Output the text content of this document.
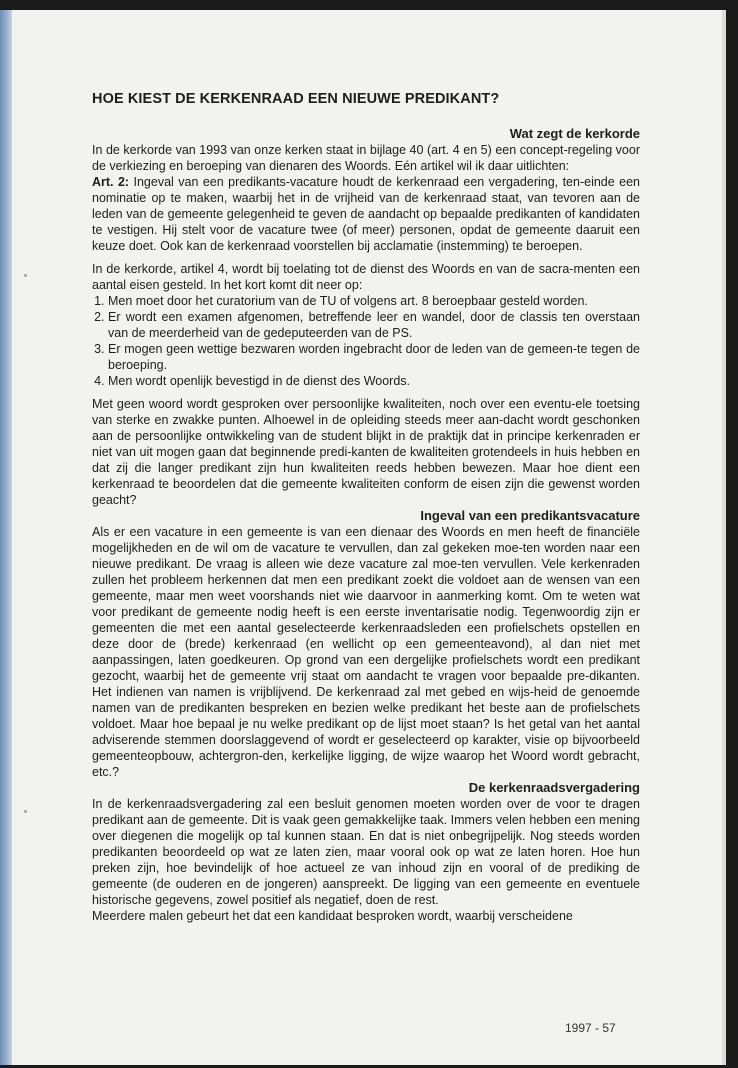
HOE KIEST DE KERKENRAAD EEN NIEUWE PREDIKANT?

Wat zegt de kerkorde

In de kerkorde van 1993 van onze kerken staat in bijlage 40 (art. 4 en 5) een concept-regeling voor de verkiezing en beroeping van dienaren des Woords. Eén artikel wil ik daar uitlichten:

Art. 2: Ingeval van een predikants-vacature houdt de kerkenraad een vergadering, ten-einde een nominatie op te maken, waarbij het in de vrijheid van de kerkenraad staat, van tevoren aan de leden van de gemeente gelegenheid te geven de aandacht op bepaalde predikanten of kandidaten te vestigen. Hij stelt voor de vacature twee (of meer) personen, opdat de gemeente daaruit een keuze doet. Ook kan de kerkenraad voorstellen bij acclamatie (instemming) te beroepen.

In de kerkorde, artikel 4, wordt bij toelating tot de dienst des Woords en van de sacra-menten een aantal eisen gesteld. In het kort komt dit neer op:

1. Men moet door het curatorium van de TU of volgens art. 8 beroepbaar gesteld worden.
2. Er wordt een examen afgenomen, betreffende leer en wandel, door de classis ten overstaan van de meerderheid van de gedeputeerden van de PS.
3. Er mogen geen wettige bezwaren worden ingebracht door de leden van de gemeen-te tegen de beroeping.
4. Men wordt openlijk bevestigd in de dienst des Woords.

Met geen woord wordt gesproken over persoonlijke kwaliteiten, noch over een eventu-ele toetsing van sterke en zwakke punten. Alhoewel in de opleiding steeds meer aan-dacht wordt geschonken aan de persoonlijke ontwikkeling van de student blijkt in de praktijk dat in principe kerkenraden er niet van uit mogen gaan dat beginnende predi-kanten de kwaliteiten grotendeels in huis hebben en dat zij die langer predikant zijn hun kwaliteiten reeds hebben bewezen. Maar hoe dient een kerkenraad te beoordelen dat die gemeente kwaliteiten conform de eisen zijn die gewenst worden geacht?

Ingeval van een predikantsvacature

Als er een vacature in een gemeente is van een dienaar des Woords en men heeft de financiële mogelijkheden en de wil om de vacature te vervullen, dan zal gekeken moe-ten worden naar een nieuwe predikant. De vraag is alleen wie deze vacature zal moe-ten vervullen. Vele kerkenraden zullen het probleem herkennen dat men een predikant zoekt die voldoet aan de wensen van een gemeente, maar men weet voorshands niet wie daarvoor in aanmerking komt. Om te weten wat voor predikant de gemeente nodig heeft is een eerste inventarisatie nodig. Tegenwoordig zijn er gemeenten die met een aantal geselecteerde kerkenraadsleden een profielschets opstellen en deze door de (brede) kerkenraad (en wellicht op een gemeenteavond), al dan niet met aanpassingen, laten goedkeuren. Op grond van een dergelijke profielschets wordt een predikant gezocht, waarbij het de gemeente vrij staat om aandacht te vragen voor bepaalde pre-dikanten. Het indienen van namen is vrijblijvend. De kerkenraad zal met gebed en wijs-heid de genoemde namen van de predikanten bespreken en bezien welke predikant het beste aan de profielschets voldoet. Maar hoe bepaal je nu welke predikant op de lijst moet staan? Is het getal van het aantal adviserende stemmen doorslaggevend of wordt er geselecteerd op karakter, visie op bijvoorbeeld gemeenteopbouw, achtergron-den, kerkelijke ligging, de wijze waarop het Woord wordt gebracht, etc.?

De kerkenraadsvergadering

In de kerkenraadsvergadering zal een besluit genomen moeten worden over de voor te dragen predikant aan de gemeente. Dit is vaak geen gemakkelijke taak. Immers velen hebben een mening over diegenen die mogelijk op tal kunnen staan. En dat is niet onbegrijpelijk. Nog steeds worden predikanten beoordeeld op wat ze laten zien, maar vooral ook op wat ze laten horen. Hoe hun preken zijn, hoe bevindelijk of hoe actueel ze van inhoud zijn en vooral of de prediking de gemeente (de ouderen en de jongeren) aanspreekt. De ligging van een gemeente en eventuele historische gegevens, zowel positief als negatief, doen de rest.

Meerdere malen gebeurt het dat een kandidaat besproken wordt, waarbij verscheidene

1997 - 57
